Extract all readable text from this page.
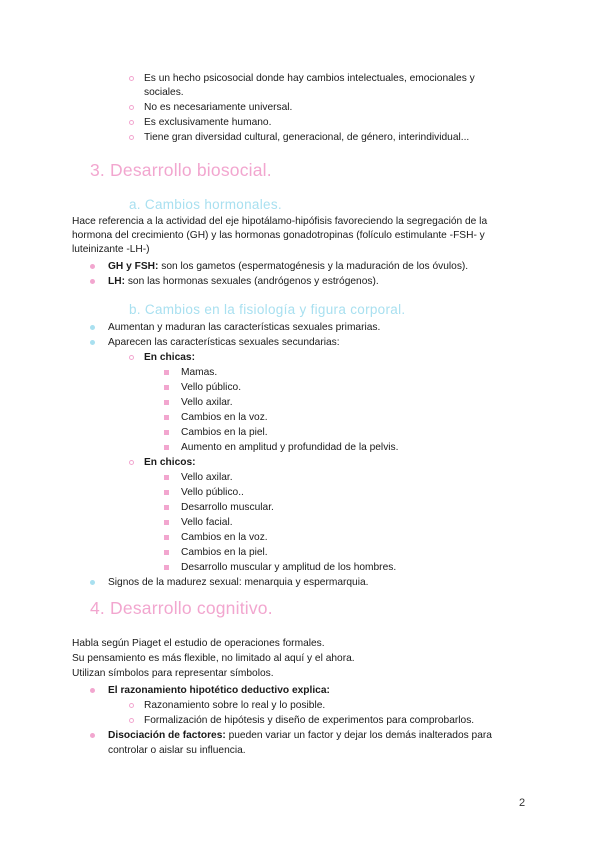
Es un hecho psicosocial donde hay cambios intelectuales, emocionales y
sociales.
No es necesariamente universal.
Es exclusivamente humano.
Tiene gran diversidad cultural, generacional, de género, interindividual...
3. Desarrollo biosocial.
a. Cambios hormonales.
Hace referencia a la actividad del eje hipotálamo-hipófisis favoreciendo la segregación de la
hormona del crecimiento (GH) y las hormonas gonadotropinas (folículo estimulante -FSH- y
luteinizante -LH-)
GH y FSH: son los gametos (espermatogénesis y la maduración de los óvulos).
LH: son las hormonas sexuales (andrógenos y estrógenos).
b. Cambios en la fisiología y figura corporal.
Aumentan y maduran las características sexuales primarias.
Aparecen las características sexuales secundarias:
En chicas:
Mamas.
Vello público.
Vello axilar.
Cambios en la voz.
Cambios en la piel.
Aumento en amplitud y profundidad de la pelvis.
En chicos:
Vello axilar.
Vello público..
Desarrollo muscular.
Vello facial.
Cambios en la voz.
Cambios en la piel.
Desarrollo muscular y amplitud de los hombres.
Signos de la madurez sexual: menarquia y espermarquia.
4. Desarrollo cognitivo.
Habla según Piaget el estudio de operaciones formales.
Su pensamiento es más flexible, no limitado al aquí y el ahora.
Utilizan símbolos para representar símbolos.
El razonamiento hipotético deductivo explica:
Razonamiento sobre lo real y lo posible.
Formalización de hipótesis y diseño de experimentos para comprobarlos.
Disociación de factores: pueden variar un factor y dejar los demás inalterados para
controlar o aislar su influencia.
2
